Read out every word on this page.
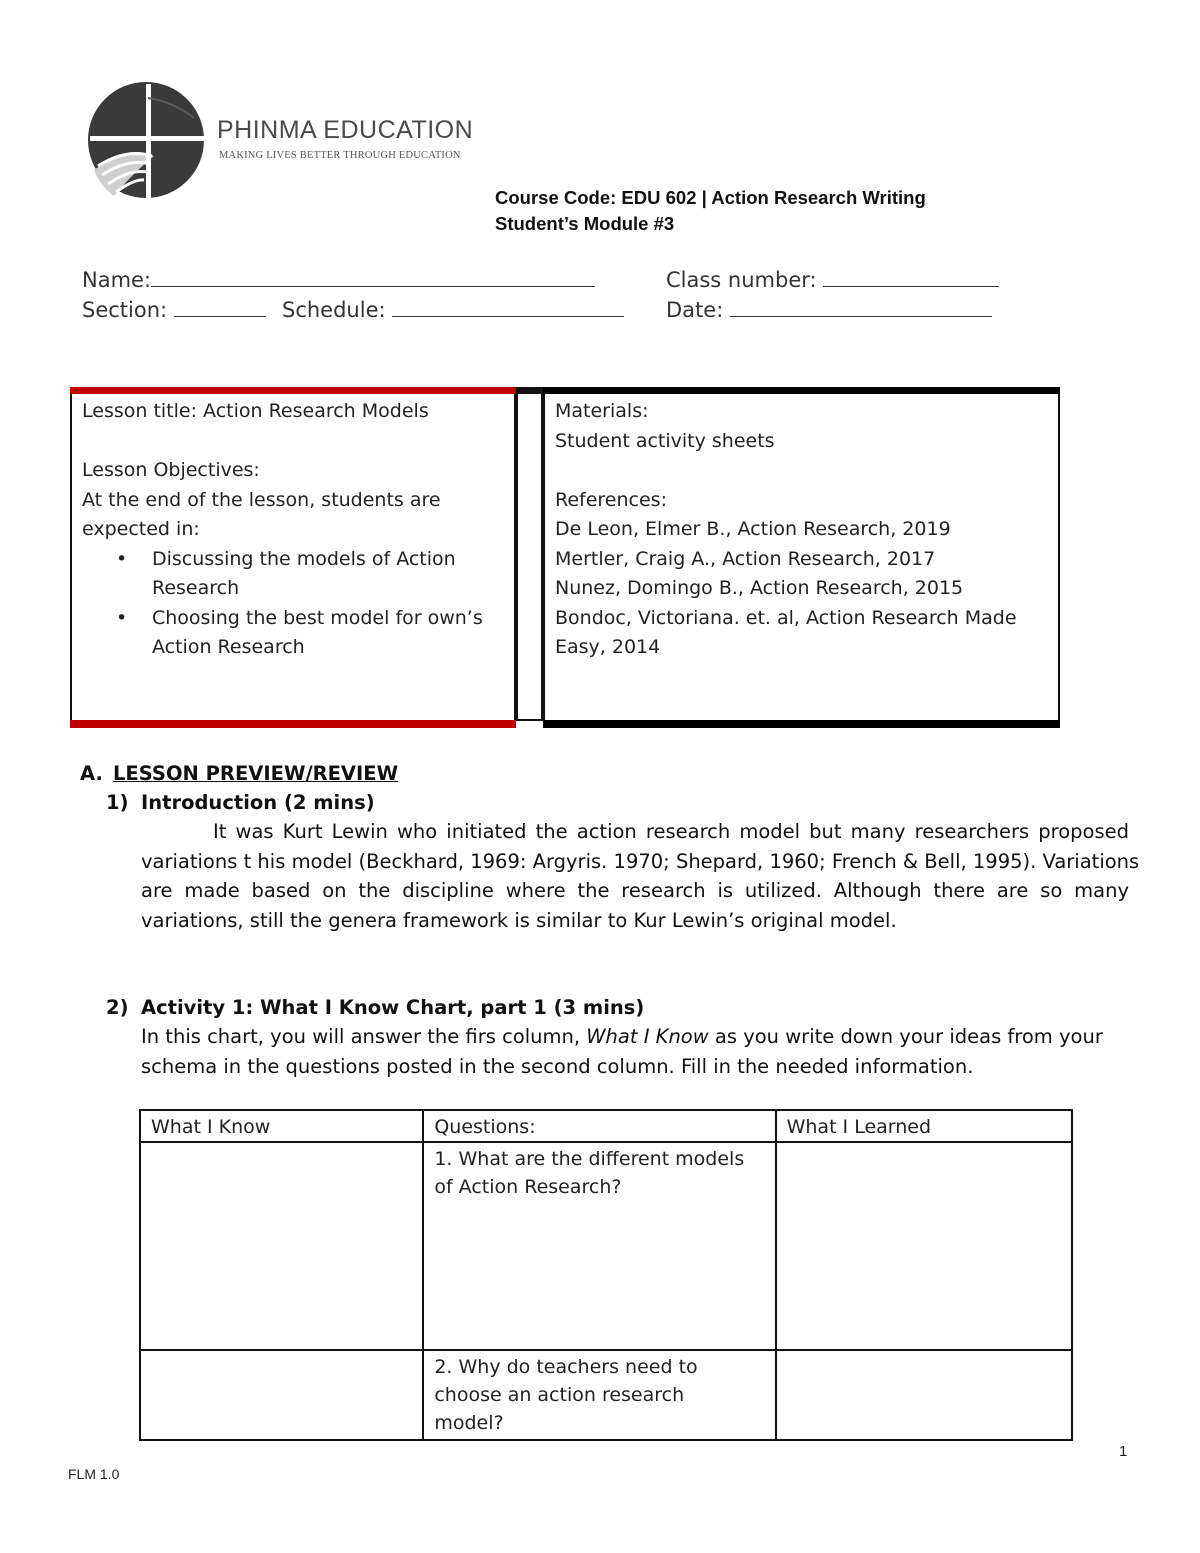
PHINMA EDUCATION
MAKING LIVES BETTER THROUGH EDUCATION
Course Code: EDU 602 | Action Research Writing
Student’s Module #3
Name:	Class number:
Section:	Schedule:	Date:
Lesson title: Action Research Models
Lesson Objectives:
At the end of the lesson, students are
expected in:
• Discussing the models of Action
Research
• Choosing the best model for own’s
Action Research
Materials:
Student activity sheets
References:
De Leon, Elmer B., Action Research, 2019
Mertler, Craig A., Action Research, 2017
Nunez, Domingo B., Action Research, 2015
Bondoc, Victoriana. et. al, Action Research Made
Easy, 2014
A. LESSON PREVIEW/REVIEW
1) Introduction (2 mins)
It was Kurt Lewin who initiated the action research model but many researchers proposed
variations t his model (Beckhard, 1969: Argyris. 1970; Shepard, 1960; French & Bell, 1995). Variations
are made based on the discipline where the research is utilized. Although there are so many
variations, still the genera framework is similar to Kur Lewin’s original model.
2) Activity 1: What I Know Chart, part 1 (3 mins)
In this chart, you will answer the firs column, What I Know as you write down your ideas from your
schema in the questions posted in the second column. Fill in the needed information.
What I Know	Questions:	What I Learned

	1. What are the different models
of Action Research?	

	2. Why do teachers need to
choose an action research
model?	

1
FLM 1.0
